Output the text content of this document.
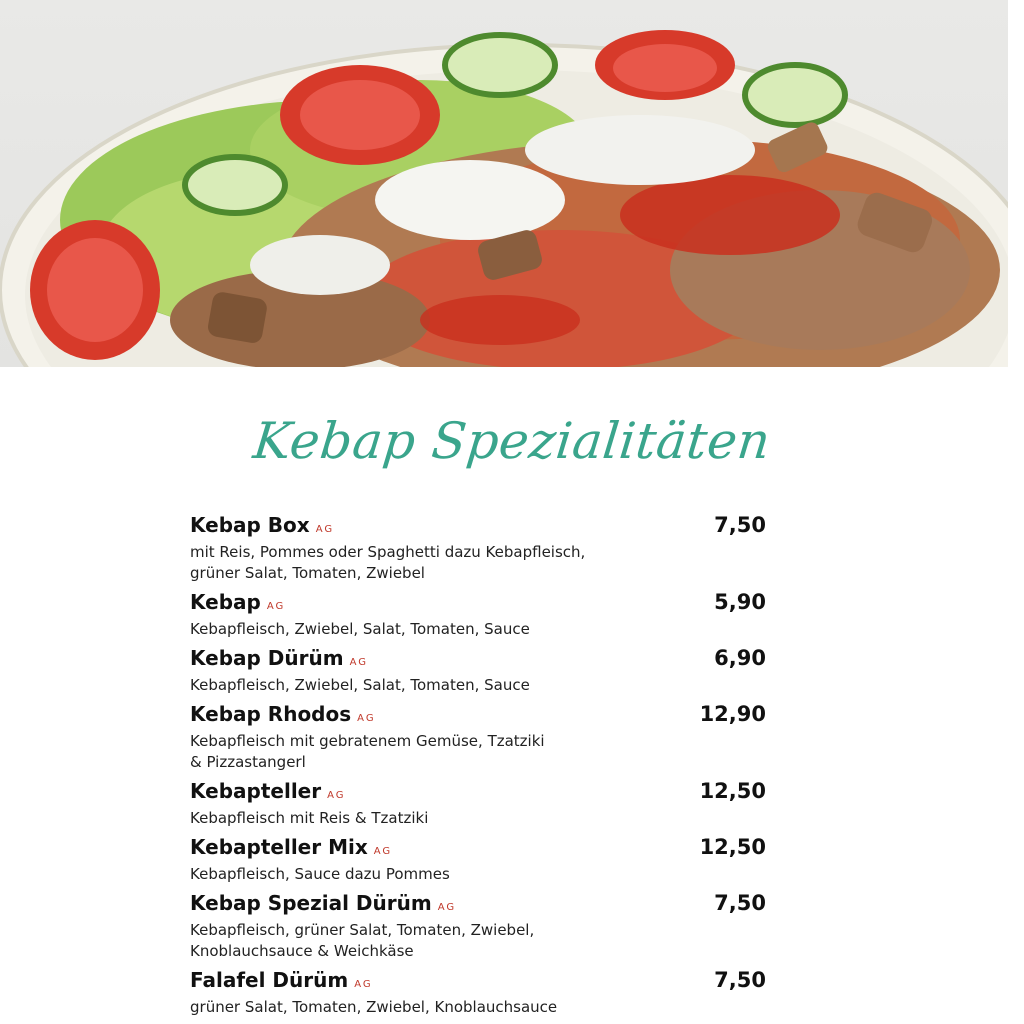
Kebap Spezialitäten
Kebap Box AG	7,50
mit Reis, Pommes oder Spaghetti dazu Kebapfleisch,
grüner Salat, Tomaten, Zwiebel
Kebap AG	5,90
Kebapfleisch, Zwiebel, Salat, Tomaten, Sauce
Kebap Dürüm AG	6,90
Kebapfleisch, Zwiebel, Salat, Tomaten, Sauce
Kebap Rhodos AG	12,90
Kebapfleisch mit gebratenem Gemüse, Tzatziki
& Pizzastangerl
Kebapteller AG	12,50
Kebapfleisch mit Reis & Tzatziki
Kebapteller Mix AG	12,50
Kebapfleisch, Sauce dazu Pommes
Kebap Spezial Dürüm AG	7,50
Kebapfleisch, grüner Salat, Tomaten, Zwiebel,
Knoblauchsauce & Weichkäse
Falafel Dürüm AG	7,50
grüner Salat, Tomaten, Zwiebel, Knoblauchsauce
